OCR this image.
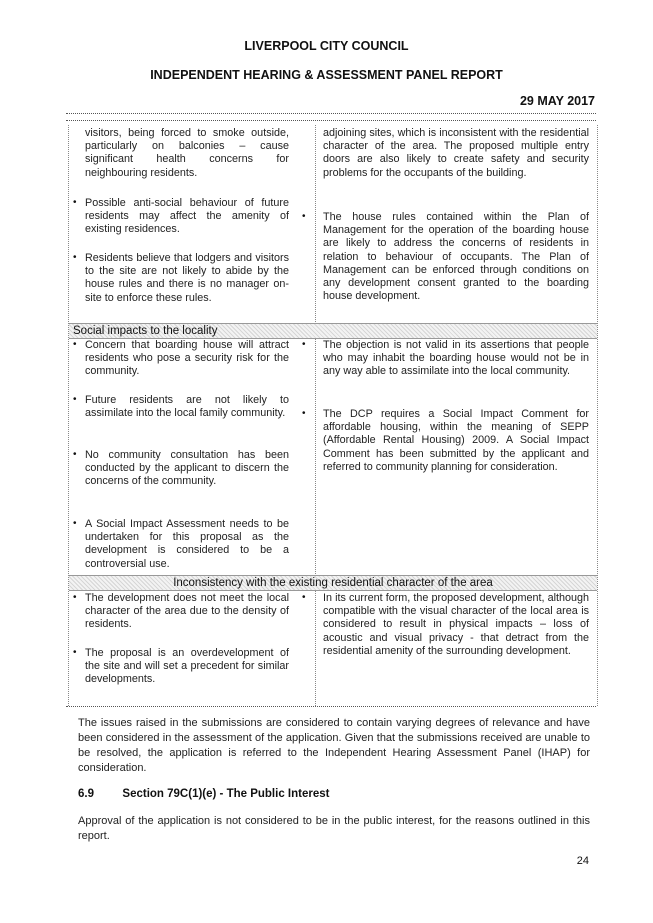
LIVERPOOL CITY COUNCIL
INDEPENDENT HEARING & ASSESSMENT PANEL REPORT
29 MAY 2017
visitors, being forced to smoke outside, particularly on balconies – cause significant health concerns for neighbouring residents.
adjoining sites, which is inconsistent with the residential character of the area. The proposed multiple entry doors are also likely to create safety and security problems for the occupants of the building.
• Possible anti-social behaviour of future residents may affect the amenity of existing residences.
• Residents believe that lodgers and visitors to the site are not likely to abide by the house rules and there is no manager on-site to enforce these rules.
• The house rules contained within the Plan of Management for the operation of the boarding house are likely to address the concerns of residents in relation to behaviour of occupants. The Plan of Management can be enforced through conditions on any development consent granted to the boarding house development.
Social impacts to the locality
• Concern that boarding house will attract residents who pose a security risk for the community.
• Future residents are not likely to assimilate into the local family community.
• No community consultation has been conducted by the applicant to discern the concerns of the community.
• A Social Impact Assessment needs to be undertaken for this proposal as the development is considered to be a controversial use.
• The objection is not valid in its assertions that people who may inhabit the boarding house would not be in any way able to assimilate into the local community.
• The DCP requires a Social Impact Comment for affordable housing, within the meaning of SEPP (Affordable Rental Housing) 2009. A Social Impact Comment has been submitted by the applicant and referred to community planning for consideration.
Inconsistency with the existing residential character of the area
• The development does not meet the local character of the area due to the density of residents.
• The proposal is an overdevelopment of the site and will set a precedent for similar developments.
• In its current form, the proposed development, although compatible with the visual character of the local area is considered to result in physical impacts – loss of acoustic and visual privacy - that detract from the residential amenity of the surrounding development.
The issues raised in the submissions are considered to contain varying degrees of relevance and have been considered in the assessment of the application. Given that the submissions received are unable to be resolved, the application is referred to the Independent Hearing Assessment Panel (IHAP) for consideration.
6.9 Section 79C(1)(e) - The Public Interest
Approval of the application is not considered to be in the public interest, for the reasons outlined in this report.
24
